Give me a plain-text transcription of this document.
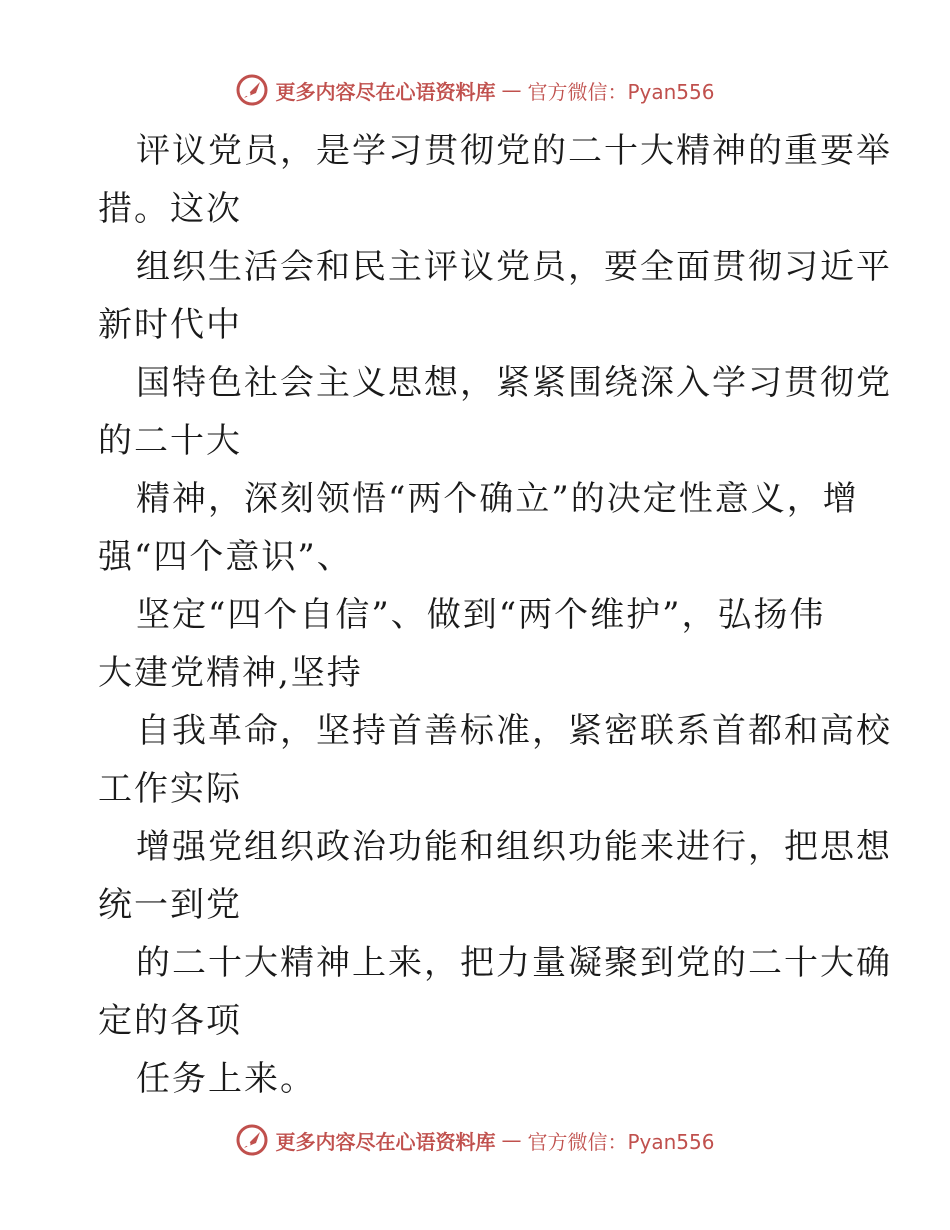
更多内容尽在心语资料库 — 官方微信：Pyan556
评议党员，是学习贯彻党的二十大精神的重要举
措。这次
组织生活会和民主评议党员，要全面贯彻习近平
新时代中
国特色社会主义思想，紧紧围绕深入学习贯彻党
的二十大
精神，深刻领悟“两个确立”的决定性意义，增
强“四个意识”、
坚定“四个自信”、做到“两个维护”，弘扬伟
大建党精神,坚持
自我革命，坚持首善标准，紧密联系首都和高校
工作实际
增强党组织政治功能和组织功能来进行，把思想
统一到党
的二十大精神上来，把力量凝聚到党的二十大确
定的各项
任务上来。
更多内容尽在心语资料库 — 官方微信：Pyan556
